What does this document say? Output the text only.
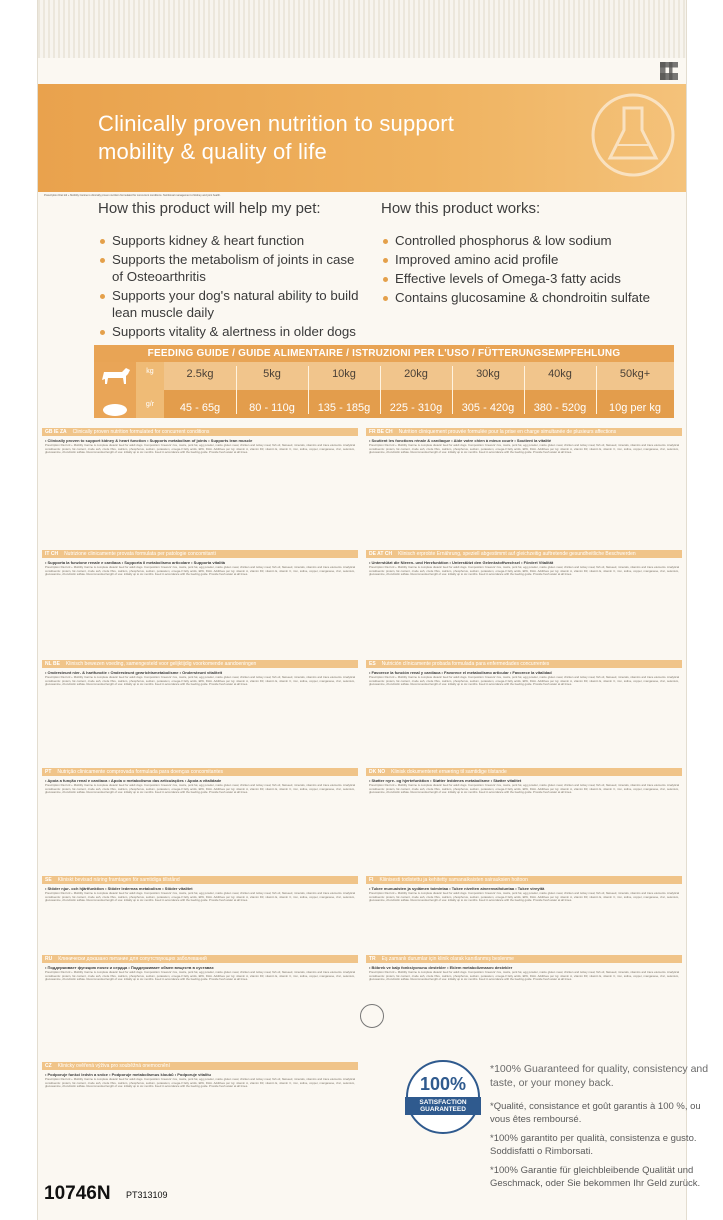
Clinically proven nutrition to support
mobility & quality of life
Prescription Diet k/d + Mobility Canine is clinically proven nutrition formulated for concurrent conditions. Nutritional management of kidney and joint health.
How this product will help my pet:
Supports kidney & heart function
Supports the metabolism of joints in case of Osteoarthritis
Supports your dog's natural ability to build lean muscle daily
Supports vitality & alertness in older dogs
How this product works:
Controlled phosphorus & low sodium
Improved amino acid profile
Effective levels of Omega-3 fatty acids
Contains glucosamine & chondroitin sulfate
FEEDING GUIDE / GUIDE ALIMENTAIRE / ISTRUZIONI PER L'USO / FÜTTERUNGSEMPFEHLUNG

kg
g/r
2.5kg	5kg	10kg	20kg	30kg	40kg	50kg+
45 - 65g	80 - 110g	135 - 185g	225 - 310g	305 - 420g	380 - 520g	10g per kg
GB IE ZA Clinically proven nutrition formulated for concurrent conditions
• Clinically proven to support kidney & heart function • Supports metabolism of joints • Supports lean muscle
Prescription Diet k/d + Mobility Canine is complete dietetic feed for adult dogs. Composition: brewers' rice, maize, pork fat, egg powder, maize gluten meal, chicken and turkey meal, fish oil, flaxseed, minerals, vitamins and trace elements. Analytical constituents: protein, fat content, crude ash, crude fibre, calcium, phosphorus, sodium, potassium, omega-3 fatty acids, EPA, DHA. Additives per kg: vitamin A, vitamin D3, vitamin E, vitamin C, iron, iodine, copper, manganese, zinc, selenium, glucosamine, chondroitin sulfate. Recommended length of use: initially up to six months. Feed in accordance with the feeding guide. Provide fresh water at all times.
FR BE CH Nutrition cliniquement prouvée formulée pour la prise en charge simultanée de plusieurs affections
• Soutient les fonctions rénale & cardiaque • Aide votre chien à mieux courir • Soutient la vitalité
Prescription Diet k/d + Mobility Canine is complete dietetic feed for adult dogs. Composition: brewers' rice, maize, pork fat, egg powder, maize gluten meal, chicken and turkey meal, fish oil, flaxseed, minerals, vitamins and trace elements. Analytical constituents: protein, fat content, crude ash, crude fibre, calcium, phosphorus, sodium, potassium, omega-3 fatty acids, EPA, DHA. Additives per kg: vitamin A, vitamin D3, vitamin E, vitamin C, iron, iodine, copper, manganese, zinc, selenium, glucosamine, chondroitin sulfate. Recommended length of use: initially up to six months. Feed in accordance with the feeding guide. Provide fresh water at all times.
IT CH Nutrizione clinicamente provata formulata per patologie concomitanti
• Supporta la funzione renale e cardiaca • Supporta il metabolismo articolare • Supporta vitalità
Prescription Diet k/d + Mobility Canine is complete dietetic feed for adult dogs. Composition: brewers' rice, maize, pork fat, egg powder, maize gluten meal, chicken and turkey meal, fish oil, flaxseed, minerals, vitamins and trace elements. Analytical constituents: protein, fat content, crude ash, crude fibre, calcium, phosphorus, sodium, potassium, omega-3 fatty acids, EPA, DHA. Additives per kg: vitamin A, vitamin D3, vitamin E, vitamin C, iron, iodine, copper, manganese, zinc, selenium, glucosamine, chondroitin sulfate. Recommended length of use: initially up to six months. Feed in accordance with the feeding guide. Provide fresh water at all times.
DE AT CH Klinisch erprobte Ernährung, speziell abgestimmt auf gleichzeitig auftretende gesundheitliche Beschwerden
• Unterstützt die Nieren- und Herzfunktion • Unterstützt den Gelenkstoffwechsel • Fördert Vitalität
Prescription Diet k/d + Mobility Canine is complete dietetic feed for adult dogs. Composition: brewers' rice, maize, pork fat, egg powder, maize gluten meal, chicken and turkey meal, fish oil, flaxseed, minerals, vitamins and trace elements. Analytical constituents: protein, fat content, crude ash, crude fibre, calcium, phosphorus, sodium, potassium, omega-3 fatty acids, EPA, DHA. Additives per kg: vitamin A, vitamin D3, vitamin E, vitamin C, iron, iodine, copper, manganese, zinc, selenium, glucosamine, chondroitin sulfate. Recommended length of use: initially up to six months. Feed in accordance with the feeding guide. Provide fresh water at all times.
NL BE Klinisch bewezen voeding, samengesteld voor gelijktijdig voorkomende aandoeningen
• Ondersteunt nier- & hartfunctie • Ondersteunt gewrichtsmetabolisme • Ondersteunt vitaliteit
Prescription Diet k/d + Mobility Canine is complete dietetic feed for adult dogs. Composition: brewers' rice, maize, pork fat, egg powder, maize gluten meal, chicken and turkey meal, fish oil, flaxseed, minerals, vitamins and trace elements. Analytical constituents: protein, fat content, crude ash, crude fibre, calcium, phosphorus, sodium, potassium, omega-3 fatty acids, EPA, DHA. Additives per kg: vitamin A, vitamin D3, vitamin E, vitamin C, iron, iodine, copper, manganese, zinc, selenium, glucosamine, chondroitin sulfate. Recommended length of use: initially up to six months. Feed in accordance with the feeding guide. Provide fresh water at all times.
ES Nutrición clínicamente probada formulada para enfermedades concurrentes
• Favorece la función renal y cardíaca • Favorece el metabolismo articular • Favorece la vitalidad
Prescription Diet k/d + Mobility Canine is complete dietetic feed for adult dogs. Composition: brewers' rice, maize, pork fat, egg powder, maize gluten meal, chicken and turkey meal, fish oil, flaxseed, minerals, vitamins and trace elements. Analytical constituents: protein, fat content, crude ash, crude fibre, calcium, phosphorus, sodium, potassium, omega-3 fatty acids, EPA, DHA. Additives per kg: vitamin A, vitamin D3, vitamin E, vitamin C, iron, iodine, copper, manganese, zinc, selenium, glucosamine, chondroitin sulfate. Recommended length of use: initially up to six months. Feed in accordance with the feeding guide. Provide fresh water at all times.
PT Nutrição clinicamente comprovada formulada para doenças concomitantes
• Apoia a função renal e cardíaca • Apoia o metabolismo das articulações • Apoia a vitalidade
Prescription Diet k/d + Mobility Canine is complete dietetic feed for adult dogs. Composition: brewers' rice, maize, pork fat, egg powder, maize gluten meal, chicken and turkey meal, fish oil, flaxseed, minerals, vitamins and trace elements. Analytical constituents: protein, fat content, crude ash, crude fibre, calcium, phosphorus, sodium, potassium, omega-3 fatty acids, EPA, DHA. Additives per kg: vitamin A, vitamin D3, vitamin E, vitamin C, iron, iodine, copper, manganese, zinc, selenium, glucosamine, chondroitin sulfate. Recommended length of use: initially up to six months. Feed in accordance with the feeding guide. Provide fresh water at all times.
DK NO Klinisk dokumenteret ernæring til samtidige tilstande
• Støtter nyre- og hjertefunktion • Støtter leddenes metabolisme • Støtter vitalitet
Prescription Diet k/d + Mobility Canine is complete dietetic feed for adult dogs. Composition: brewers' rice, maize, pork fat, egg powder, maize gluten meal, chicken and turkey meal, fish oil, flaxseed, minerals, vitamins and trace elements. Analytical constituents: protein, fat content, crude ash, crude fibre, calcium, phosphorus, sodium, potassium, omega-3 fatty acids, EPA, DHA. Additives per kg: vitamin A, vitamin D3, vitamin E, vitamin C, iron, iodine, copper, manganese, zinc, selenium, glucosamine, chondroitin sulfate. Recommended length of use: initially up to six months. Feed in accordance with the feeding guide. Provide fresh water at all times.
SE Kliniskt bevisad näring framtagen för samtidiga tillstånd
• Stöder njur- och hjärtfunktion • Stöder ledernas metabolism • Stöder vitalitet
Prescription Diet k/d + Mobility Canine is complete dietetic feed for adult dogs. Composition: brewers' rice, maize, pork fat, egg powder, maize gluten meal, chicken and turkey meal, fish oil, flaxseed, minerals, vitamins and trace elements. Analytical constituents: protein, fat content, crude ash, crude fibre, calcium, phosphorus, sodium, potassium, omega-3 fatty acids, EPA, DHA. Additives per kg: vitamin A, vitamin D3, vitamin E, vitamin C, iron, iodine, copper, manganese, zinc, selenium, glucosamine, chondroitin sulfate. Recommended length of use: initially up to six months. Feed in accordance with the feeding guide. Provide fresh water at all times.
FI Kliinisesti todistettu ja kehitetty samanaikaisten sairauksien hoitoon
• Tukee munuaisten ja sydämen toimintaa • Tukee nivelten aineenvaihduntaa • Tukee vireyttä
Prescription Diet k/d + Mobility Canine is complete dietetic feed for adult dogs. Composition: brewers' rice, maize, pork fat, egg powder, maize gluten meal, chicken and turkey meal, fish oil, flaxseed, minerals, vitamins and trace elements. Analytical constituents: protein, fat content, crude ash, crude fibre, calcium, phosphorus, sodium, potassium, omega-3 fatty acids, EPA, DHA. Additives per kg: vitamin A, vitamin D3, vitamin E, vitamin C, iron, iodine, copper, manganese, zinc, selenium, glucosamine, chondroitin sulfate. Recommended length of use: initially up to six months. Feed in accordance with the feeding guide. Provide fresh water at all times.
RU Клинически доказано питание для сопутствующих заболеваний
• Поддерживает функцию почек и сердца • Поддерживает обмен веществ в суставах
Prescription Diet k/d + Mobility Canine is complete dietetic feed for adult dogs. Composition: brewers' rice, maize, pork fat, egg powder, maize gluten meal, chicken and turkey meal, fish oil, flaxseed, minerals, vitamins and trace elements. Analytical constituents: protein, fat content, crude ash, crude fibre, calcium, phosphorus, sodium, potassium, omega-3 fatty acids, EPA, DHA. Additives per kg: vitamin A, vitamin D3, vitamin E, vitamin C, iron, iodine, copper, manganese, zinc, selenium, glucosamine, chondroitin sulfate. Recommended length of use: initially up to six months. Feed in accordance with the feeding guide. Provide fresh water at all times.
TR Eş zamanlı durumlar için klinik olarak kanıtlanmış beslenme
• Böbrek ve kalp fonksiyonunu destekler • Eklem metabolizmasını destekler
Prescription Diet k/d + Mobility Canine is complete dietetic feed for adult dogs. Composition: brewers' rice, maize, pork fat, egg powder, maize gluten meal, chicken and turkey meal, fish oil, flaxseed, minerals, vitamins and trace elements. Analytical constituents: protein, fat content, crude ash, crude fibre, calcium, phosphorus, sodium, potassium, omega-3 fatty acids, EPA, DHA. Additives per kg: vitamin A, vitamin D3, vitamin E, vitamin C, iron, iodine, copper, manganese, zinc, selenium, glucosamine, chondroitin sulfate. Recommended length of use: initially up to six months. Feed in accordance with the feeding guide. Provide fresh water at all times.
CZ Klinicky ověřená výživa pro souběžná onemocnění
• Podporuje funkci ledvin a srdce • Podporuje metabolismus kloubů • Podporuje vitalitu
Prescription Diet k/d + Mobility Canine is complete dietetic feed for adult dogs. Composition: brewers' rice, maize, pork fat, egg powder, maize gluten meal, chicken and turkey meal, fish oil, flaxseed, minerals, vitamins and trace elements. Analytical constituents: protein, fat content, crude ash, crude fibre, calcium, phosphorus, sodium, potassium, omega-3 fatty acids, EPA, DHA. Additives per kg: vitamin A, vitamin D3, vitamin E, vitamin C, iron, iodine, copper, manganese, zinc, selenium, glucosamine, chondroitin sulfate. Recommended length of use: initially up to six months. Feed in accordance with the feeding guide. Provide fresh water at all times.	100%
SATISFACTION GUARANTEED
*100% Guaranteed for quality, consistency and taste, or your money back.
*Qualité, consistance et goût garantis à 100 %, ou vous êtes remboursé.
*100% garantito per qualità, consistenza e gusto. Soddisfatti o Rimborsati.
*100% Garantie für gleichbleibende Qualität und Geschmack, oder Sie bekommen Ihr Geld zurück.
10746N PT313109
